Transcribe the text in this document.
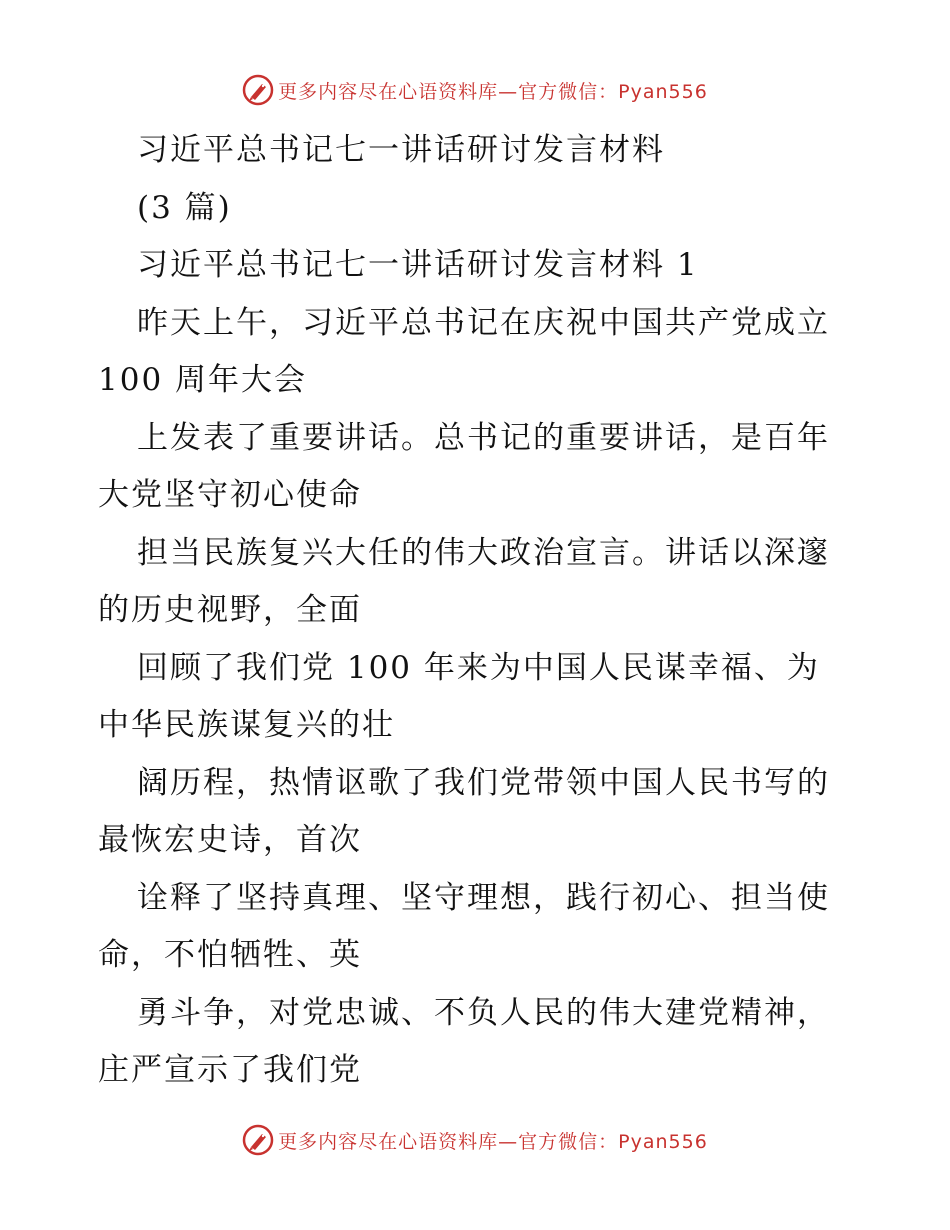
更多内容尽在心语资料库—官方微信：Pyan556
习近平总书记七一讲话研讨发言材料
(3 篇)
习近平总书记七一讲话研讨发言材料 1
昨天上午，习近平总书记在庆祝中国共产党成立
100 周年大会
上发表了重要讲话。总书记的重要讲话，是百年
大党坚守初心使命
担当民族复兴大任的伟大政治宣言。讲话以深邃
的历史视野，全面
回顾了我们党 100 年来为中国人民谋幸福、为
中华民族谋复兴的壮
阔历程，热情讴歌了我们党带领中国人民书写的
最恢宏史诗，首次
诠释了坚持真理、坚守理想，践行初心、担当使
命，不怕牺牲、英
勇斗争，对党忠诚、不负人民的伟大建党精神，
庄严宣示了我们党
更多内容尽在心语资料库—官方微信：Pyan556
